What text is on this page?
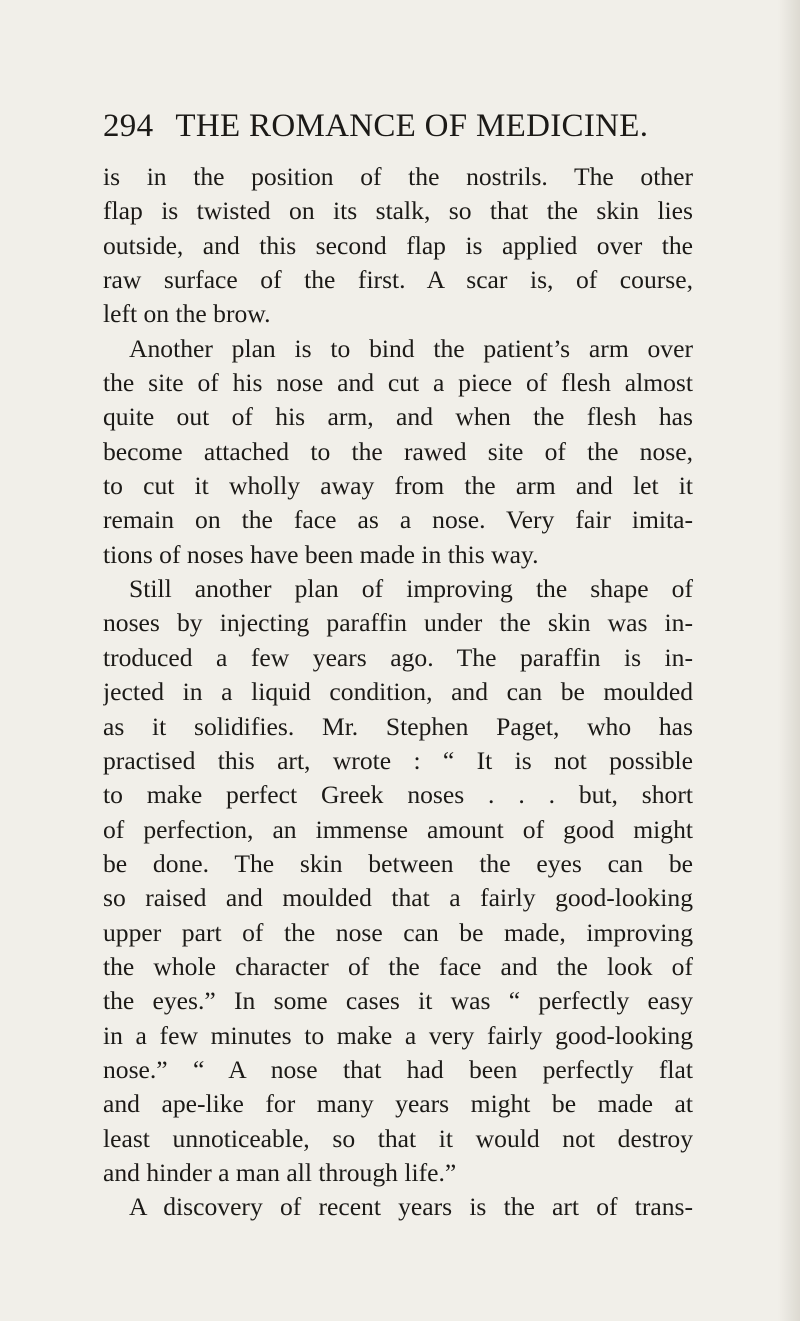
294 THE ROMANCE OF MEDICINE.
is in the position of the nostrils. The other
flap is twisted on its stalk, so that the skin lies
outside, and this second flap is applied over the
raw surface of the first. A scar is, of course,
left on the brow.
Another plan is to bind the patient’s arm over
the site of his nose and cut a piece of flesh almost
quite out of his arm, and when the flesh has
become attached to the rawed site of the nose,
to cut it wholly away from the arm and let it
remain on the face as a nose. Very fair imita-
tions of noses have been made in this way.
Still another plan of improving the shape of
noses by injecting paraffin under the skin was in-
troduced a few years ago. The paraffin is in-
jected in a liquid condition, and can be moulded
as it solidifies. Mr. Stephen Paget, who has
practised this art, wrote : “ It is not possible
to make perfect Greek noses . . . but, short
of perfection, an immense amount of good might
be done. The skin between the eyes can be
so raised and moulded that a fairly good-looking
upper part of the nose can be made, improving
the whole character of the face and the look of
the eyes.” In some cases it was “ perfectly easy
in a few minutes to make a very fairly good-looking
nose.” “ A nose that had been perfectly flat
and ape-like for many years might be made at
least unnoticeable, so that it would not destroy
and hinder a man all through life.”
A discovery of recent years is the art of trans-
